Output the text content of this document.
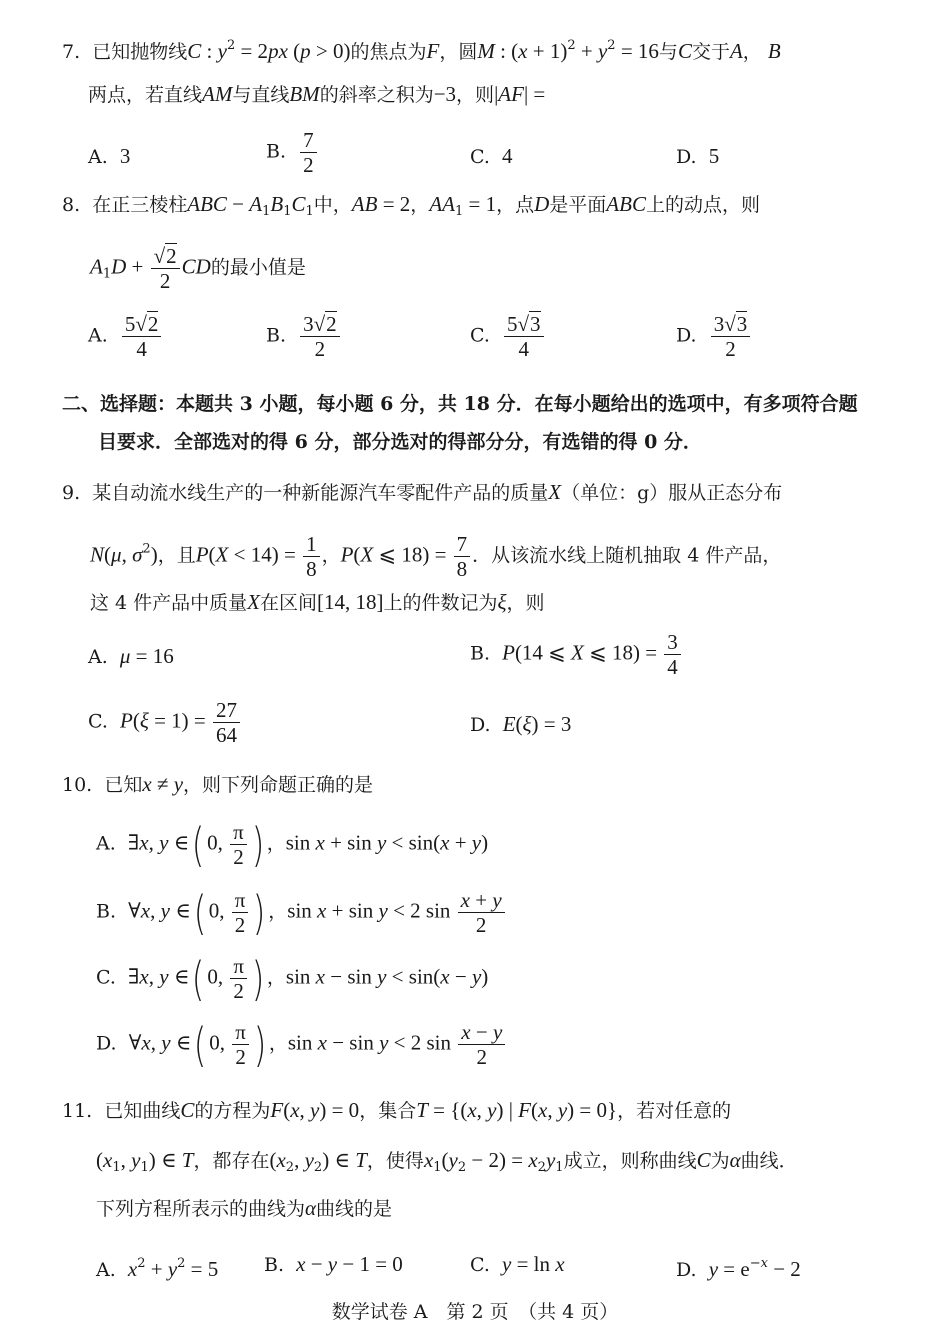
7. 已知抛物线C : $y^2 = 2px$ (p > 0)的焦点为F，圆M : $(x + 1)^2 + y^2 = 16$与C交于A， B
两点，若直线AM与直线BM的斜率之积为−3，则|AF| =
A. 3	B. $\frac{7}{2}$	C. 4	D. 5
8. 在正三棱柱ABC − $A_1B_1C_1$中，AB = 2，$AA_1 = 1$，点D是平面ABC上的动点，则
$A_1D + \frac{√2}{2}$ CD的最小值是
A. $\frac{5√2}{4}$	B. $\frac{3√2}{2}$	C. $\frac{5√3}{4}$	D. $\frac{3√3}{2}$
二、选择题：本题共 3 小题，每小题 6 分，共 18 分．在每小题给出的选项中，有多项符合题
目要求．全部选对的得 6 分，部分选对的得部分分，有选错的得 0 分．
9. 某自动流水线生产的一种新能源汽车零配件产品的质量X（单位：g）服从正态分布
N(μ, $\sigma^2$)，且$P(X < 14) = \frac{1}{8}$ ，P(X ⩽ $18) = \frac{7}{8}$ ．从该流水线上随机抽取 4 件产品，
这 4 件产品中质量X在区间[14, 18]上的件数记为ξ，则
A. μ = 16	B. P(14 ⩽ X ⩽ $18) = \frac{3}{4}$
C. $P(\xi = 1) = \frac{27}{64}$	D. E(ξ) = 3
10. 已知x ≠ y，则下列命题正确的是
A. ∃x, y ∈( 0, $\frac{\pi}{2}$ ) ，sin x + sin y < sin(x + y)
B. ∀x, y ∈( 0, $\frac{\pi}{2}$ ) ，sin x + sin y < 2 $\sin \frac{x + y}{2}$
C. ∃x, y ∈( 0, $\frac{\pi}{2}$ ) ，sin x − sin y < sin(x − y)
D. ∀x, y ∈( 0, $\frac{\pi}{2}$ ) ，sin x − sin y < 2 $\sin \frac{x - y}{2}$
11. 已知曲线C的方程为F(x, y) = 0，集合T = {(x, y) | F(x, y) = 0}，若对任意的
($x_1$, $y_1$) ∈ T，都存在($x_2$, $y_2$) ∈ T，使得$x_1(y_2 - 2) = x_2y_1$成立，则称曲线C为α曲线．
下列方程所表示的曲线为α曲线的是
A. $x^2 + y^2 = 5$ B. x − y − 1 = 0	C. y = ln x	D. $y = e^{-x} - 2$
数学试卷 A　第 2 页　（共 4 页）
